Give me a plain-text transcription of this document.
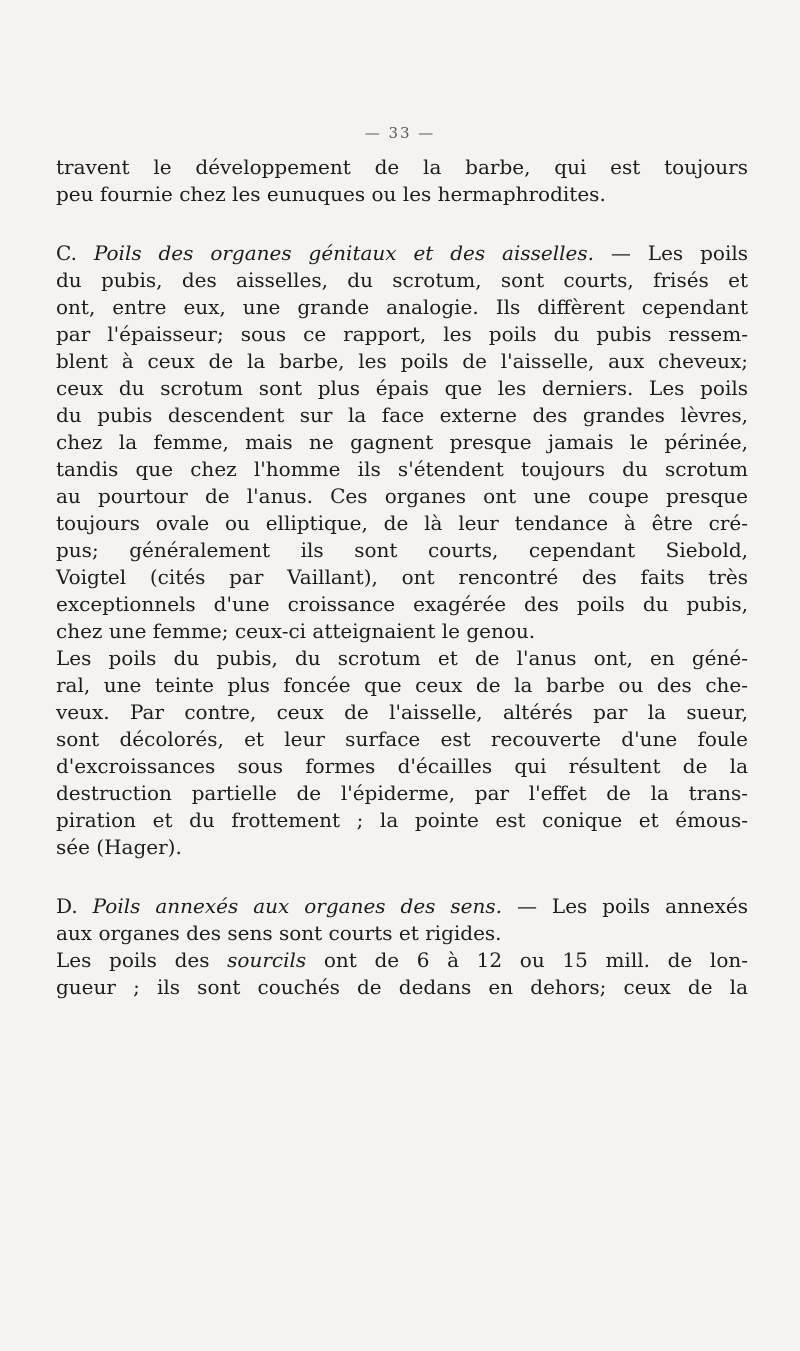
— 33 —
travent le développement de la barbe, qui est toujours
peu fournie chez les eunuques ou les hermaphrodites.
C. Poils des organes génitaux et des aisselles. — Les poils
du pubis, des aisselles, du scrotum, sont courts, frisés et
ont, entre eux, une grande analogie. Ils diffèrent cependant
par l'épaisseur; sous ce rapport, les poils du pubis ressem-
blent à ceux de la barbe, les poils de l'aisselle, aux cheveux;
ceux du scrotum sont plus épais que les derniers. Les poils
du pubis descendent sur la face externe des grandes lèvres,
chez la femme, mais ne gagnent presque jamais le périnée,
tandis que chez l'homme ils s'étendent toujours du scrotum
au pourtour de l'anus. Ces organes ont une coupe presque
toujours ovale ou elliptique, de là leur tendance à être cré-
pus; généralement ils sont courts, cependant Siebold,
Voigtel (cités par Vaillant), ont rencontré des faits très
exceptionnels d'une croissance exagérée des poils du pubis,
chez une femme; ceux-ci atteignaient le genou.
Les poils du pubis, du scrotum et de l'anus ont, en géné-
ral, une teinte plus foncée que ceux de la barbe ou des che-
veux. Par contre, ceux de l'aisselle, altérés par la sueur,
sont décolorés, et leur surface est recouverte d'une foule
d'excroissances sous formes d'écailles qui résultent de la
destruction partielle de l'épiderme, par l'effet de la trans-
piration et du frottement ; la pointe est conique et émous-
sée (Hager).
D. Poils annexés aux organes des sens. — Les poils annexés
aux organes des sens sont courts et rigides.
Les poils des sourcils ont de 6 à 12 ou 15 mill. de lon-
gueur ; ils sont couchés de dedans en dehors; ceux de la
